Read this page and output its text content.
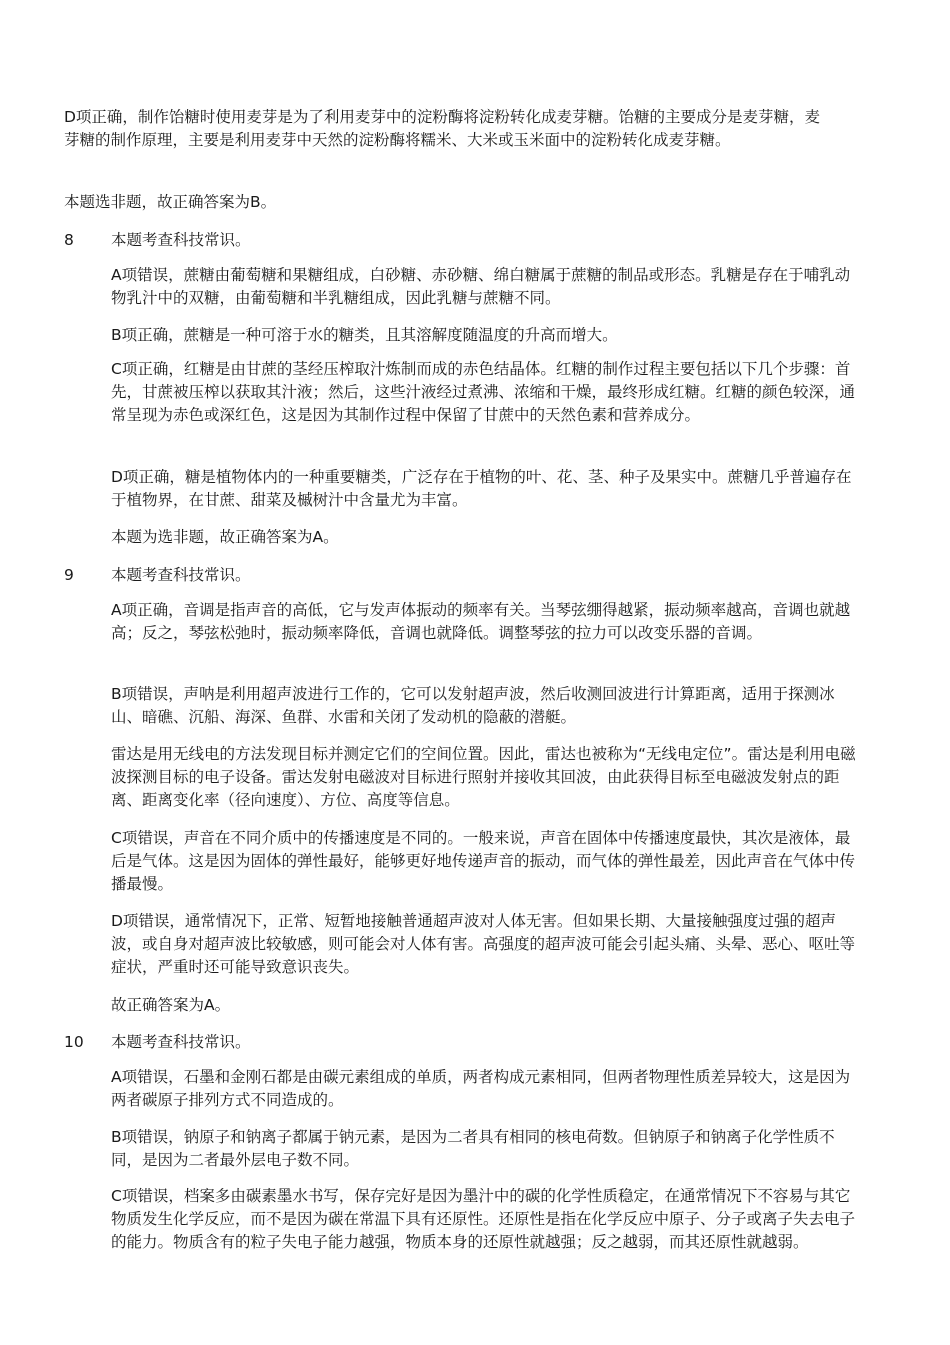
D项正确，制作饴糖时使用麦芽是为了利用麦芽中的淀粉酶将淀粉转化成麦芽糖。饴糖的主要成分是麦芽糖，麦芽糖的制作原理，主要是利用麦芽中天然的淀粉酶将糯米、大米或玉米面中的淀粉转化成麦芽糖。

本题选非题，故正确答案为B。

8	本题考查科技常识。

A项错误，蔗糖由葡萄糖和果糖组成，白砂糖、赤砂糖、绵白糖属于蔗糖的制品或形态。乳糖是存在于哺乳动物乳汁中的双糖，由葡萄糖和半乳糖组成，因此乳糖与蔗糖不同。

B项正确，蔗糖是一种可溶于水的糖类，且其溶解度随温度的升高而增大。

C项正确，红糖是由甘蔗的茎经压榨取汁炼制而成的赤色结晶体。红糖的制作过程主要包括以下几个步骤：首先，甘蔗被压榨以获取其汁液；然后，这些汁液经过煮沸、浓缩和干燥，最终形成红糖。红糖的颜色较深，通常呈现为赤色或深红色，这是因为其制作过程中保留了甘蔗中的天然色素和营养成分。

D项正确，糖是植物体内的一种重要糖类，广泛存在于植物的叶、花、茎、种子及果实中。蔗糖几乎普遍存在于植物界，在甘蔗、甜菜及槭树汁中含量尤为丰富。

本题为选非题，故正确答案为A。

9	本题考查科技常识。

A项正确，音调是指声音的高低，它与发声体振动的频率有关。当琴弦绷得越紧，振动频率越高，音调也就越高；反之，琴弦松弛时，振动频率降低，音调也就降低。调整琴弦的拉力可以改变乐器的音调。

B项错误，声呐是利用超声波进行工作的，它可以发射超声波，然后收测回波进行计算距离，适用于探测冰山、暗礁、沉船、海深、鱼群、水雷和关闭了发动机的隐蔽的潜艇。

雷达是用无线电的方法发现目标并测定它们的空间位置。因此，雷达也被称为“无线电定位”。雷达是利用电磁波探测目标的电子设备。雷达发射电磁波对目标进行照射并接收其回波，由此获得目标至电磁波发射点的距离、距离变化率（径向速度）、方位、高度等信息。

C项错误，声音在不同介质中的传播速度是不同的。一般来说，声音在固体中传播速度最快，其次是液体，最后是气体。这是因为固体的弹性最好，能够更好地传递声音的振动，而气体的弹性最差，因此声音在气体中传播最慢。

D项错误，通常情况下，正常、短暂地接触普通超声波对人体无害。但如果长期、大量接触强度过强的超声波，或自身对超声波比较敏感，则可能会对人体有害。高强度的超声波可能会引起头痛、头晕、恶心、呕吐等症状，严重时还可能导致意识丧失。

故正确答案为A。

10	本题考查科技常识。

A项错误，石墨和金刚石都是由碳元素组成的单质，两者构成元素相同，但两者物理性质差异较大，这是因为两者碳原子排列方式不同造成的。

B项错误，钠原子和钠离子都属于钠元素，是因为二者具有相同的核电荷数。但钠原子和钠离子化学性质不同，是因为二者最外层电子数不同。

C项错误，档案多由碳素墨水书写，保存完好是因为墨汁中的碳的化学性质稳定，在通常情况下不容易与其它物质发生化学反应，而不是因为碳在常温下具有还原性。还原性是指在化学反应中原子、分子或离子失去电子的能力。物质含有的粒子失电子能力越强，物质本身的还原性就越强；反之越弱，而其还原性就越弱。
